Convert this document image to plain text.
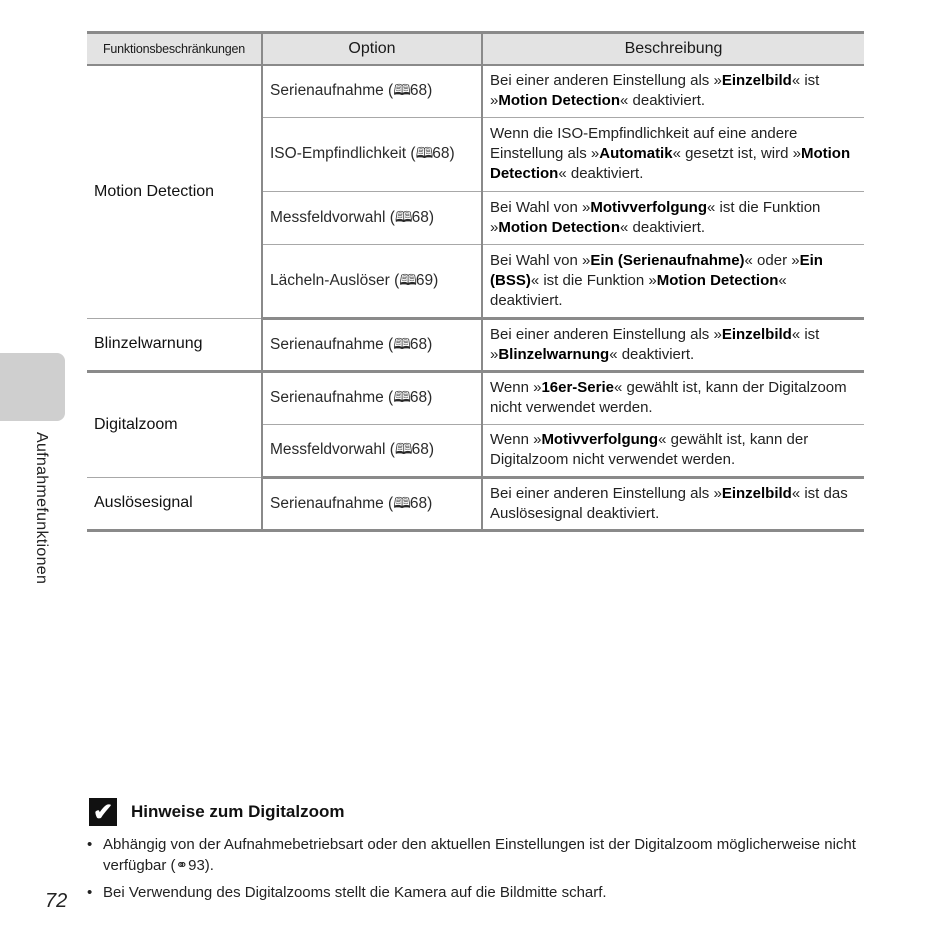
Funktionsbeschränkungen	Option	Beschreibung
Motion Detection	Serienaufnahme (🕮68)	Bei einer anderen Einstellung als »Einzelbild« ist »Motion Detection« deaktiviert.
	ISO-Empfindlichkeit (🕮68)	Wenn die ISO-Empfindlichkeit auf eine andere Einstellung als »Automatik« gesetzt ist, wird »Motion Detection« deaktiviert.
	Messfeldvorwahl (🕮68)	Bei Wahl von »Motivverfolgung« ist die Funktion »Motion Detection« deaktiviert.
	Lächeln-Auslöser (🕮69)	Bei Wahl von »Ein (Serienaufnahme)« oder »Ein (BSS)« ist die Funktion »Motion Detection« deaktiviert.
Blinzelwarnung	Serienaufnahme (🕮68)	Bei einer anderen Einstellung als »Einzelbild« ist »Blinzelwarnung« deaktiviert.
Digitalzoom	Serienaufnahme (🕮68)	Wenn »16er-Serie« gewählt ist, kann der Digitalzoom nicht verwendet werden.
	Messfeldvorwahl (🕮68)	Wenn »Motivverfolgung« gewählt ist, kann der Digitalzoom nicht verwendet werden.
Auslösesignal	Serienaufnahme (🕮68)	Bei einer anderen Einstellung als »Einzelbild« ist das Auslösesignal deaktiviert.
Aufnahmefunktionen
✔ Hinweise zum Digitalzoom
• Abhängig von der Aufnahmebetriebsart oder den aktuellen Einstellungen ist der Digitalzoom möglicherweise nicht verfügbar (⚭93).
• Bei Verwendung des Digitalzooms stellt die Kamera auf die Bildmitte scharf.
72
